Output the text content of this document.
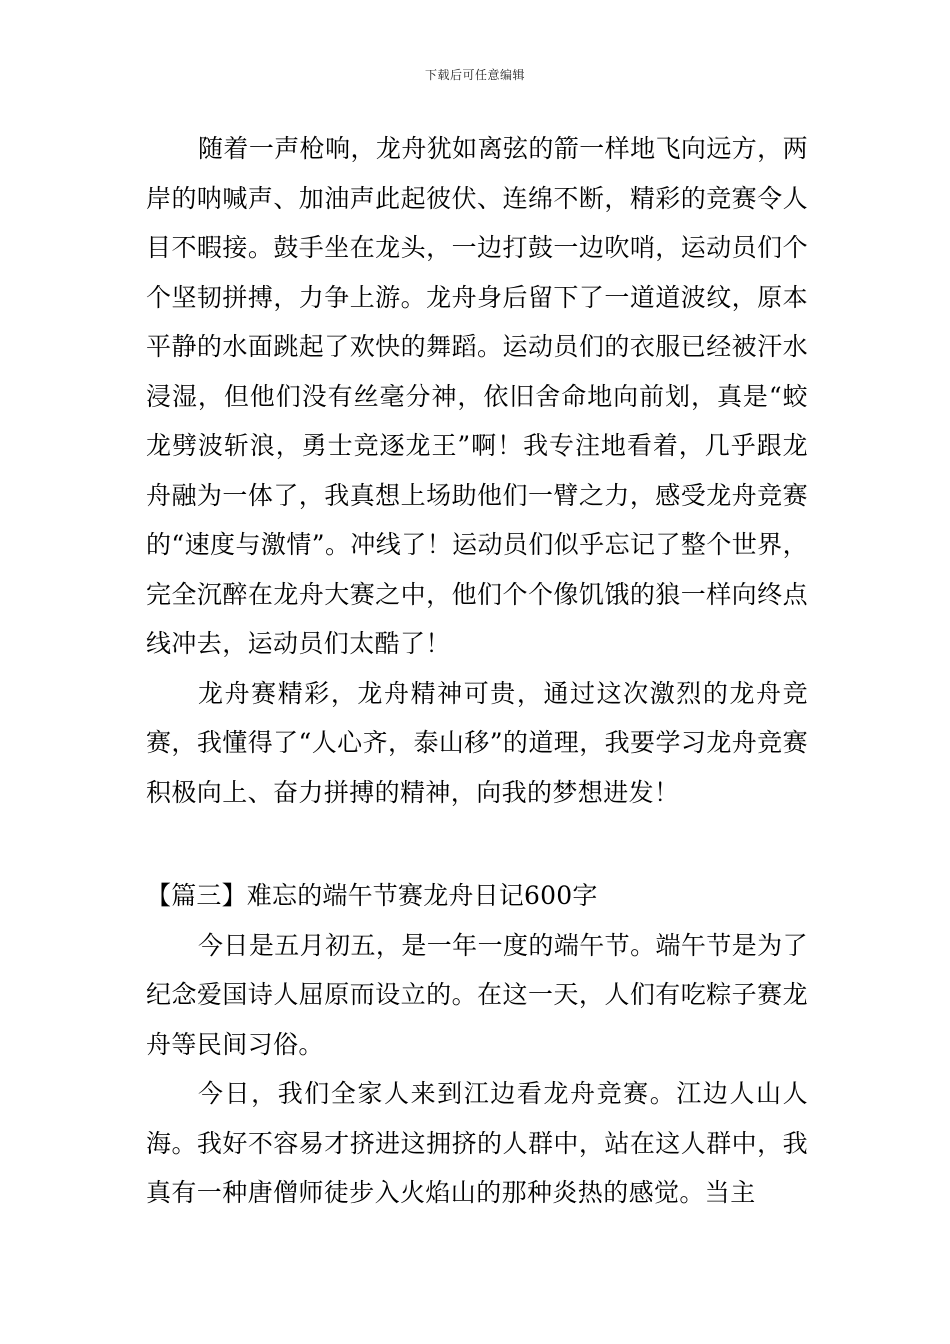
下载后可任意编辑

随着一声枪响，龙舟犹如离弦的箭一样地飞向远方，两岸的呐喊声、加油声此起彼伏、连绵不断，精彩的竞赛令人目不暇接。鼓手坐在龙头，一边打鼓一边吹哨，运动员们个个坚韧拼搏，力争上游。龙舟身后留下了一道道波纹，原本平静的水面跳起了欢快的舞蹈。运动员们的衣服已经被汗水浸湿，但他们没有丝毫分神，依旧舍命地向前划，真是“蛟龙劈波斩浪，勇士竞逐龙王”啊！我专注地看着，几乎跟龙舟融为一体了，我真想上场助他们一臂之力，感受龙舟竞赛的“速度与激情”。冲线了！运动员们似乎忘记了整个世界，完全沉醉在龙舟大赛之中，他们个个像饥饿的狼一样向终点线冲去，运动员们太酷了！

龙舟赛精彩，龙舟精神可贵，通过这次激烈的龙舟竞赛，我懂得了“人心齐，泰山移”的道理，我要学习龙舟竞赛积极向上、奋力拼搏的精神，向我的梦想进发！

【篇三】难忘的端午节赛龙舟日记600字

今日是五月初五，是一年一度的端午节。端午节是为了纪念爱国诗人屈原而设立的。在这一天，人们有吃粽子赛龙舟等民间习俗。

今日，我们全家人来到江边看龙舟竞赛。江边人山人海。我好不容易才挤进这拥挤的人群中，站在这人群中，我真有一种唐僧师徒步入火焰山的那种炎热的感觉。当主
